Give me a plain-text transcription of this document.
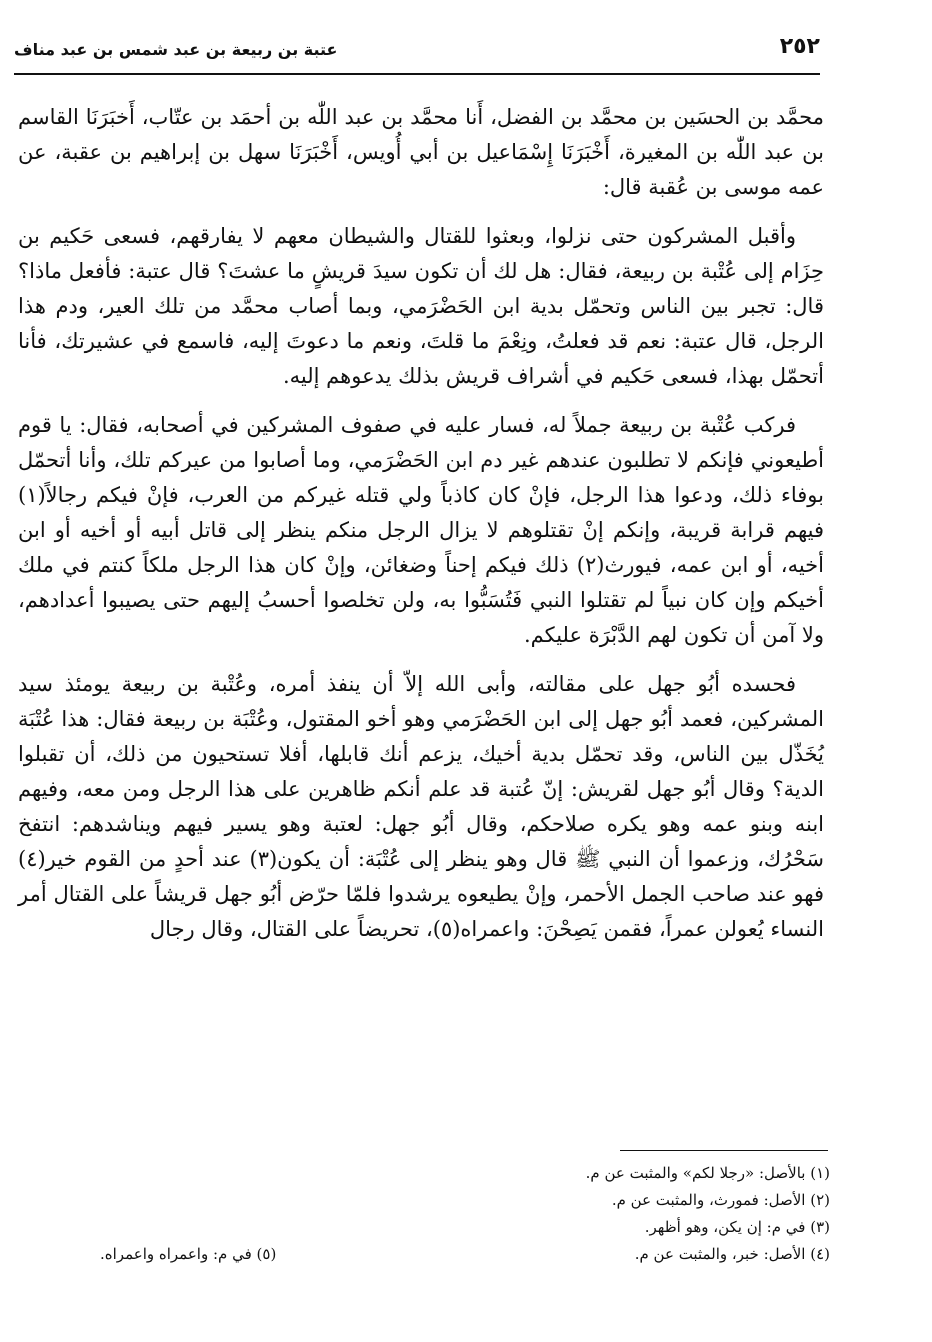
٢٥٢
عتبة بن ربيعة بن عبد شمس بن عبد مناف

محمَّد بن الحسَين بن محمَّد بن الفضل، أَنا محمَّد بن عبد اللّٰه بن أحمَد بن عتّاب، أَخبَرَنَا القاسم بن عبد اللّٰه بن المغيرة، أَخْبَرَنَا إِسْمَاعيل بن أبي أُويس، أَخْبَرَنَا سهل بن إبراهيم بن عقبة، عن عمه موسى بن عُقبة قال:

وأقبل المشركون حتى نزلوا، وبعثوا للقتال والشيطان معهم لا يفارقهم، فسعى حَكيم بن حِزَام إلى عُتْبة بن ربيعة، فقال: هل لك أن تكون سيدَ قريشٍ ما عشتَ؟ قال عتبة: فأفعل ماذا؟ قال: تجبر بين الناس وتحمّل بدية ابن الحَضْرَمي، وبما أصاب محمَّد من تلك العير، ودم هذا الرجل، قال عتبة: نعم قد فعلتُ، ونِعْمَ ما قلتَ، ونعم ما دعوتَ إليه، فاسمع في عشيرتك، فأنا أتحمّل بهذا، فسعى حَكيم في أشراف قريش بذلك يدعوهم إليه.

فركب عُتْبة بن ربيعة جملاً له، فسار عليه في صفوف المشركين في أصحابه، فقال: يا قوم أطيعوني فإنكم لا تطلبون عندهم غير دم ابن الحَضْرَمي، وما أصابوا من عيركم تلك، وأنا أتحمّل بوفاء ذلك، ودعوا هذا الرجل، فإنْ كان كاذباً ولي قتله غيركم من العرب، فإنْ فيكم رجالاً(١) فيهم قرابة قريبة، وإنكم إنْ تقتلوهم لا يزال الرجل منكم ينظر إلى قاتل أبيه أو أخيه أو ابن أخيه، أو ابن عمه، فيورث(٢) ذلك فيكم إحناً وضغائن، وإنْ كان هذا الرجل ملكاً كنتم في ملك أخيكم وإن كان نبياً لم تقتلوا النبي فَتُسَبُّوا به، ولن تخلصوا أحسبُ إليهم حتى يصيبوا أعدادهم، ولا آمن أن تكون لهم الدَّبْرَة عليكم.

فحسده أبُو جهل على مقالته، وأبى الله إلاّ أن ينفذ أمره، وعُتْبة بن ربيعة يومئذ سيد المشركين، فعمد أبُو جهل إلى ابن الحَضْرَمي وهو أخو المقتول، وعُتْبَة بن ربيعة فقال: هذا عُتْبَة يُخَذّل بين الناس، وقد تحمّل بدية أخيك، يزعم أنك قابلها، أفلا تستحيون من ذلك، أن تقبلوا الدية؟ وقال أبُو جهل لقريش: إنّ عُتبة قد علم أنكم ظاهرين على هذا الرجل ومن معه، وفيهم ابنه وبنو عمه وهو يكره صلاحكم، وقال أبُو جهل: لعتبة وهو يسير فيهم ويناشدهم: انتفخ سَحْرُك، وزعموا أن النبي ﷺ قال وهو ينظر إلى عُتْبَة: أن يكون(٣) عند أحدٍ من القوم خير(٤) فهو عند صاحب الجمل الأحمر، وإنْ يطيعوه يرشدوا فلمّا حرّض أبُو جهل قريشاً على القتال أمر النساء يُعولن عمراً، فقمن يَصِحْنَ: واعمراه(٥)، تحريضاً على القتال، وقال رجال

(١) بالأصل: «رجلا لكم» والمثبت عن م.
(٢) الأصل: فمورث، والمثبت عن م.
(٣) في م: إن يكن، وهو أظهر.
(٤) الأصل: خبر، والمثبت عن م.
(٥) في م: واعمراه واعمراه.
